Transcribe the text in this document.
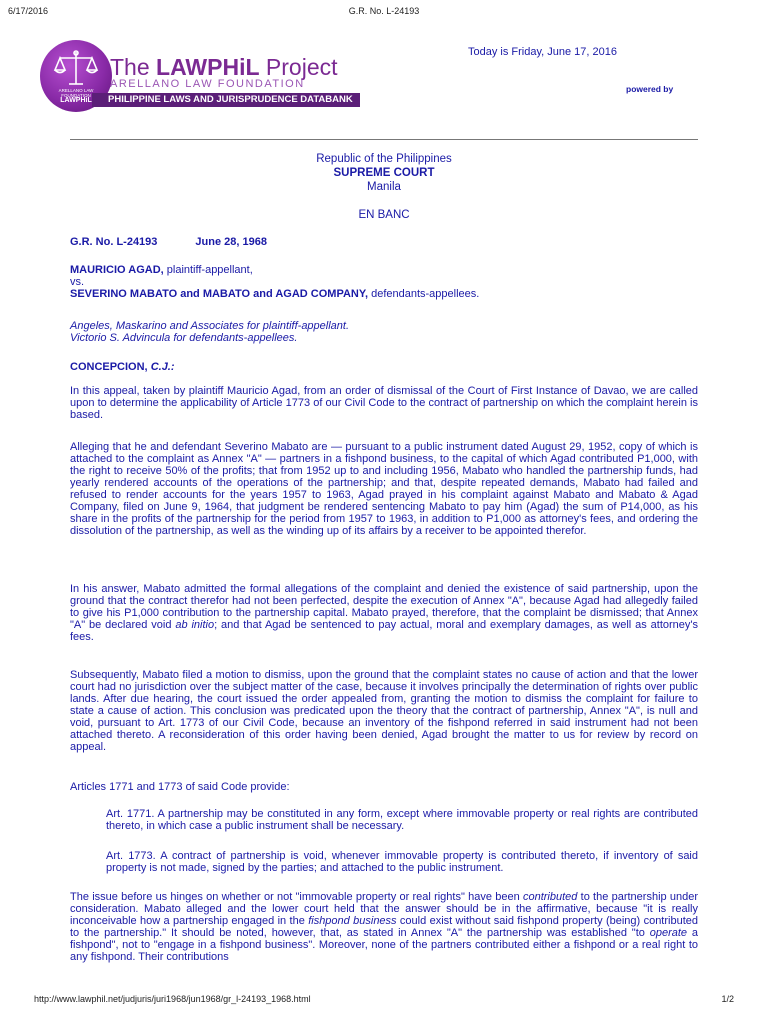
6/17/2016	G.R. No. L-24193
ARELLANO LAW FOUNDATION
LAWPHiL
The LAWPHiL Project
ARELLANO LAW FOUNDATION
PHILIPPINE LAWS AND JURISPRUDENCE DATABANK
Today is Friday, June 17, 2016
powered by
Republic of the Philippines
SUPREME COURT
Manila
EN BANC
G.R. No. L-24193	June 28, 1968
MAURICIO AGAD, plaintiff-appellant,
vs.
SEVERINO MABATO and MABATO and AGAD COMPANY, defendants-appellees.
Angeles, Maskarino and Associates for plaintiff-appellant.
Victorio S. Advincula for defendants-appellees.
CONCEPCION, C.J.:

In this appeal, taken by plaintiff Mauricio Agad, from an order of dismissal of the Court of First Instance of Davao, we are called upon to determine the applicability of Article 1773 of our Civil Code to the contract of partnership on which the complaint herein is based.

Alleging that he and defendant Severino Mabato are — pursuant to a public instrument dated August 29, 1952, copy of which is attached to the complaint as Annex "A" — partners in a fishpond business, to the capital of which Agad contributed P1,000, with the right to receive 50% of the profits; that from 1952 up to and including 1956, Mabato who handled the partnership funds, had yearly rendered accounts of the operations of the partnership; and that, despite repeated demands, Mabato had failed and refused to render accounts for the years 1957 to 1963, Agad prayed in his complaint against Mabato and Mabato & Agad Company, filed on June 9, 1964, that judgment be rendered sentencing Mabato to pay him (Agad) the sum of P14,000, as his share in the profits of the partnership for the period from 1957 to 1963, in addition to P1,000 as attorney's fees, and ordering the dissolution of the partnership, as well as the winding up of its affairs by a receiver to be appointed therefor.

In his answer, Mabato admitted the formal allegations of the complaint and denied the existence of said partnership, upon the ground that the contract therefor had not been perfected, despite the execution of Annex "A", because Agad had allegedly failed to give his P1,000 contribution to the partnership capital. Mabato prayed, therefore, that the complaint be dismissed; that Annex "A" be declared void ab initio; and that Agad be sentenced to pay actual, moral and exemplary damages, as well as attorney's fees.

Subsequently, Mabato filed a motion to dismiss, upon the ground that the complaint states no cause of action and that the lower court had no jurisdiction over the subject matter of the case, because it involves principally the determination of rights over public lands. After due hearing, the court issued the order appealed from, granting the motion to dismiss the complaint for failure to state a cause of action. This conclusion was predicated upon the theory that the contract of partnership, Annex "A", is null and void, pursuant to Art. 1773 of our Civil Code, because an inventory of the fishpond referred in said instrument had not been attached thereto. A reconsideration of this order having been denied, Agad brought the matter to us for review by record on appeal.

Articles 1771 and 1773 of said Code provide:

Art. 1771. A partnership may be constituted in any form, except where immovable property or real rights are contributed thereto, in which case a public instrument shall be necessary.

Art. 1773. A contract of partnership is void, whenever immovable property is contributed thereto, if inventory of said property is not made, signed by the parties; and attached to the public instrument.

The issue before us hinges on whether or not "immovable property or real rights" have been contributed to the partnership under consideration. Mabato alleged and the lower court held that the answer should be in the affirmative, because "it is really inconceivable how a partnership engaged in the fishpond business could exist without said fishpond property (being) contributed to the partnership." It should be noted, however, that, as stated in Annex "A" the partnership was established "to operate a fishpond", not to "engage in a fishpond business". Moreover, none of the partners contributed either a fishpond or a real right to any fishpond. Their contributions

http://www.lawphil.net/judjuris/juri1968/jun1968/gr_l-24193_1968.html	1/2
